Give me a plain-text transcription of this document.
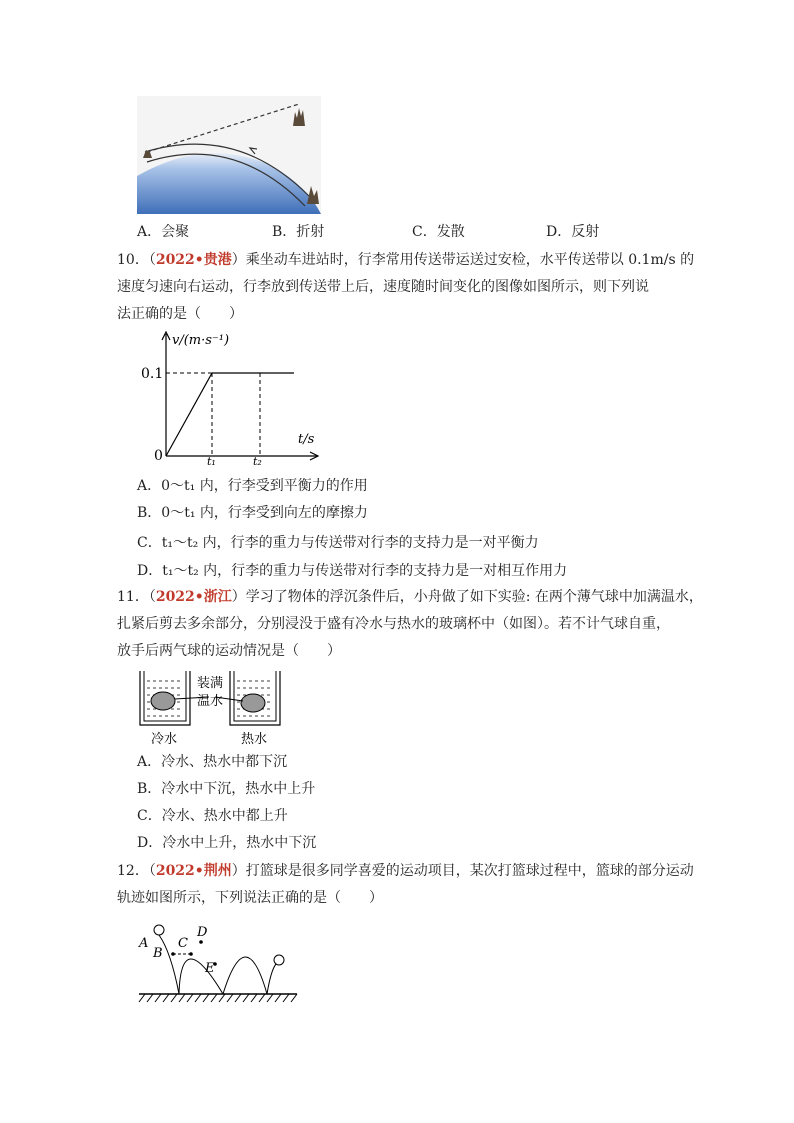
A．会聚	B．折射	C．发散	D．反射
10．（2022•贵港）乘坐动车进站时，行李常用传送带运送过安检，水平传送带以 0.1m/s 的
速度匀速向右运动，行李放到传送带上后，速度随时间变化的图像如图所示，则下列说
法正确的是（　　）
v/(m·s⁻¹)
t/s
0.1
0	t₁	t₂
A．0～t₁ 内，行李受到平衡力的作用
B．0～t₁ 内，行李受到向左的摩擦力
C．t₁～t₂ 内，行李的重力与传送带对行李的支持力是一对平衡力
D．t₁～t₂ 内，行李的重力与传送带对行李的支持力是一对相互作用力
11．（2022•浙江）学习了物体的浮沉条件后，小舟做了如下实验: 在两个薄气球中加满温水，
扎紧后剪去多余部分，分别浸没于盛有冷水与热水的玻璃杯中（如图）。若不计气球自重，
放手后两气球的运动情况是（　　）
装满
温水
冷水	热水
A．冷水、热水中都下沉
B．冷水中下沉，热水中上升
C．冷水、热水中都上升
D．冷水中上升，热水中下沉
12．（2022•荆州）打篮球是很多同学喜爱的运动项目，某次打篮球过程中，篮球的部分运动
轨迹如图所示，下列说法正确的是（　　）
A
B
C
D
E
